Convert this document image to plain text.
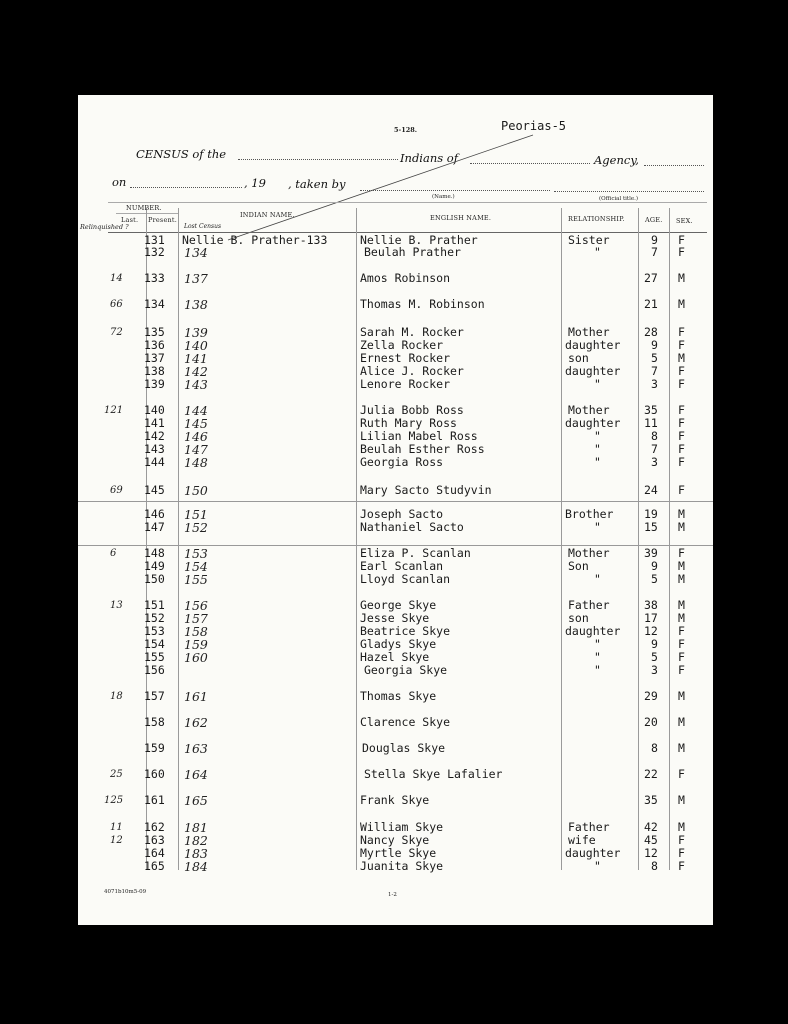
5-128.	Peorias-5
CENSUS of the	Indians of	Agency,
on	, 19 , taken by
(Name.)	(Official title.)
NUMBER.
Last. Present.
INDIAN NAME.	ENGLISH NAME.	RELATIONSHIP.	AGE. SEX.
Relinquished ?	Lost Census
131 Nellie B. Prather-133	Nellie B. Prather	Sister	9 F
132 134	Beulah Prather	"	7 F
14 133 137	Amos Robinson	27 M
66 134 138	Thomas M. Robinson	21 M
72 135 139	Sarah M. Rocker	Mother	28 F
136 140	Zella Rocker	daughter	9 F
137 141	Ernest Rocker	son	5 M
138 142	Alice J. Rocker	daughter	7 F
139 143	Lenore Rocker	"	3 F
121 140 144	Julia Bobb Ross	Mother	35 F
141 145	Ruth Mary Ross	daughter 11 F
142 146	Lilian Mabel Ross	"	8 F
143 147	Beulah Esther Ross	"	7 F
144 148	Georgia Ross	"	3 F
69 145 150	Mary Sacto Studyvin	24 F
146 151	Joseph Sacto	Brother	19 M
147 152	Nathaniel Sacto	"	15 M
6 148 153	Eliza P. Scanlan	Mother	39 F
149 154	Earl Scanlan	Son	9 M
150 155	Lloyd Scanlan	"	5 M
13 151 156	George Skye	Father	38 M
152 157	Jesse Skye	son	17 M
153 158	Beatrice Skye	daughter 12 F
154 159	Gladys Skye	"	9 F
155 160	Hazel Skye	"	5 F
156	Georgia Skye	"	3 F
18 157 161	Thomas Skye	29 M
158 162	Clarence Skye	20 M
159 163	Douglas Skye	8 M
25 160 164	Stella Skye Lafalier	22 F
125 161 165	Frank Skye	35 M
11 162 181	William Skye	Father	42 M
12 163 182	Nancy Skye	wife	45 F
164 183	Myrtle Skye	daughter 12 F
165 184	Juanita Skye	"	8 F
4071b10m5-09	1-2
